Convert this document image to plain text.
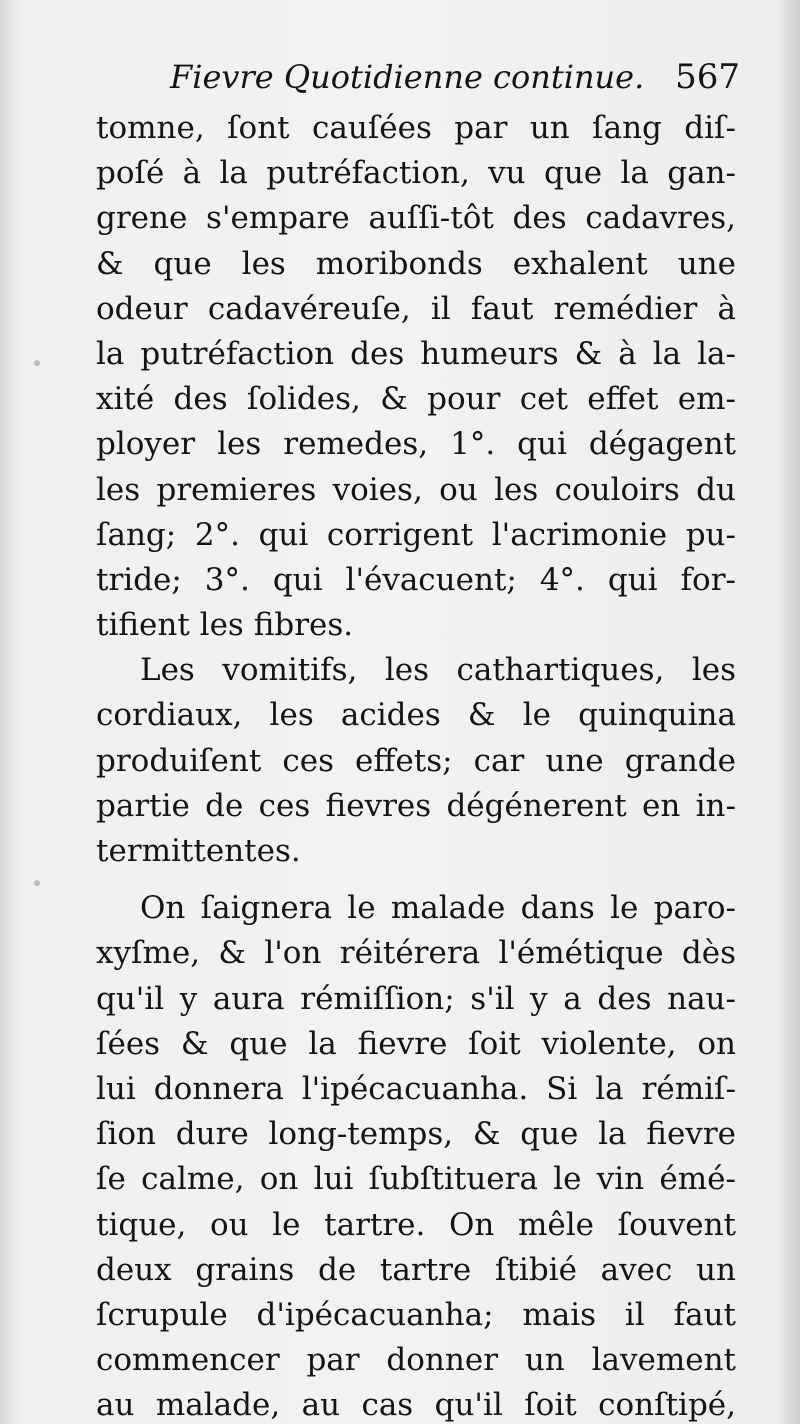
Fievre Quotidienne continue. 567
tomne, ſont cauſées par un ſang diſ-
poſé à la putréfaction, vu que la gan-
grene s'empare auſſi-tôt des cadavres,
& que les moribonds exhalent une
odeur cadavéreuſe, il faut remédier à
la putréfaction des humeurs & à la la-
xité des ſolides, & pour cet effet em-
ployer les remedes, 1°. qui dégagent
les premieres voies, ou les couloirs du
ſang; 2°. qui corrigent l'acrimonie pu-
tride; 3°. qui l'évacuent; 4°. qui for-
tifient les fibres.
Les vomitifs, les cathartiques, les
cordiaux, les acides & le quinquina
produiſent ces effets; car une grande
partie de ces fievres dégénerent en in-
termittentes.
On ſaignera le malade dans le paro-
xyſme, & l'on réitérera l'émétique dès
qu'il y aura rémiſſion; s'il y a des nau-
ſées & que la fievre ſoit violente, on
lui donnera l'ipécacuanha. Si la rémiſ-
ſion dure long-temps, & que la fievre
ſe calme, on lui ſubſtituera le vin émé-
tique, ou le tartre. On mêle ſouvent
deux grains de tartre ſtibié avec un
ſcrupule d'ipécacuanha; mais il faut
commencer par donner un lavement
au malade, au cas qu'il ſoit conſtipé,
